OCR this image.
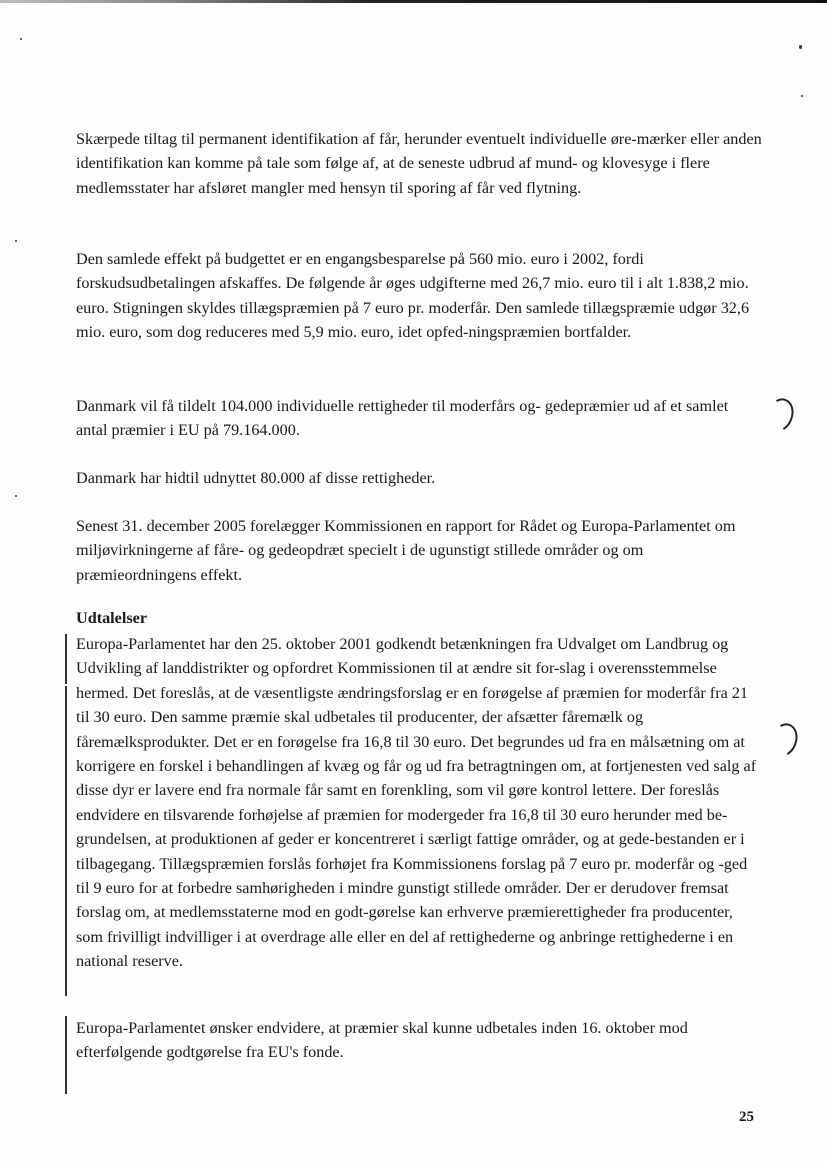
Skærpede tiltag til permanent identifikation af får, herunder eventuelt individuelle øre-mærker eller anden identifikation kan komme på tale som følge af, at de seneste udbrud af mund- og klovesyge i flere medlemsstater har afsløret mangler med hensyn til sporing af får ved flytning.

Den samlede effekt på budgettet er en engangsbesparelse på 560 mio. euro i 2002, fordi forskudsudbetalingen afskaffes. De følgende år øges udgifterne med 26,7 mio. euro til i alt 1.838,2 mio. euro. Stigningen skyldes tillægspræmien på 7 euro pr. moderfår. Den samlede tillægspræmie udgør 32,6 mio. euro, som dog reduceres med 5,9 mio. euro, idet opfed-ningspræmien bortfalder.

Danmark vil få tildelt 104.000 individuelle rettigheder til moderfårs og- gedepræmier ud af et samlet antal præmier i EU på 79.164.000.

Danmark har hidtil udnyttet 80.000 af disse rettigheder.

Senest 31. december 2005 forelægger Kommissionen en rapport for Rådet og Europa-Parlamentet om miljøvirkningerne af fåre- og gedeopdræt specielt i de ugunstigt stillede områder og om præmieordningens effekt.

Udtalelser

Europa-Parlamentet har den 25. oktober 2001 godkendt betænkningen fra Udvalget om Landbrug og Udvikling af landdistrikter og opfordret Kommissionen til at ændre sit for-slag i overensstemmelse hermed. Det foreslås, at de væsentligste ændringsforslag er en forøgelse af præmien for moderfår fra 21 til 30 euro. Den samme præmie skal udbetales til producenter, der afsætter fåremælk og fåremælksprodukter. Det er en forøgelse fra 16,8 til 30 euro. Det begrundes ud fra en målsætning om at korrigere en forskel i behandlingen af kvæg og får og ud fra betragtningen om, at fortjenesten ved salg af disse dyr er lavere end fra normale får samt en forenkling, som vil gøre kontrol lettere. Der foreslås endvidere en tilsvarende forhøjelse af præmien for modergeder fra 16,8 til 30 euro herunder med be-grundelsen, at produktionen af geder er koncentreret i særligt fattige områder, og at gede-bestanden er i tilbagegang. Tillægspræmien forslås forhøjet fra Kommissionens forslag på 7 euro pr. moderfår og -ged til 9 euro for at forbedre samhørigheden i mindre gunstigt stillede områder. Der er derudover fremsat forslag om, at medlemsstaterne mod en godt-gørelse kan erhverve præmierettigheder fra producenter, som frivilligt indvilliger i at overdrage alle eller en del af rettighederne og anbringe rettighederne i en national reserve.

Europa-Parlamentet ønsker endvidere, at præmier skal kunne udbetales inden 16. oktober mod efterfølgende godtgørelse fra EU's fonde.

25
